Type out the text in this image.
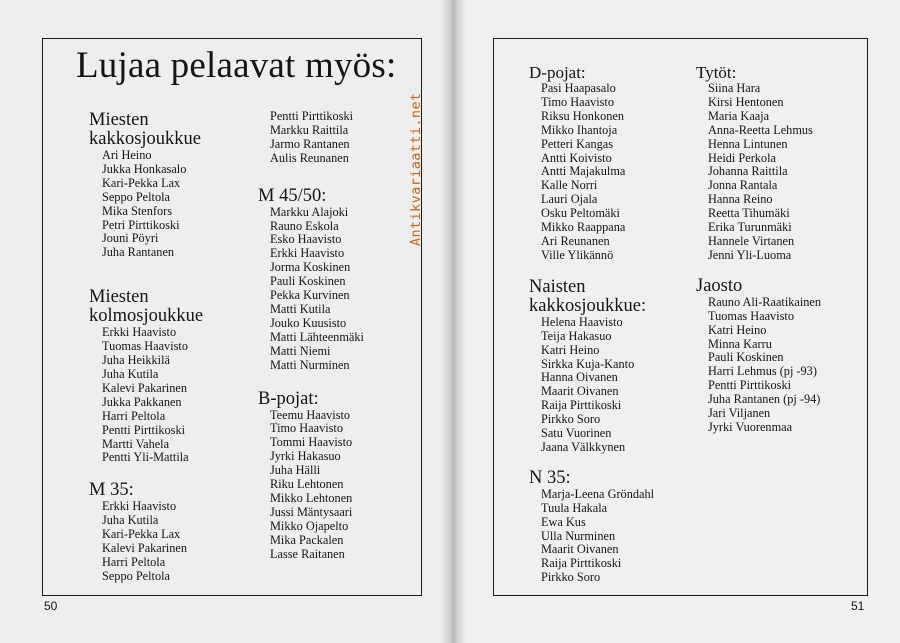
Lujaa pelaavat myös:
Miesten
kakkosjoukkue
Ari Heino
Jukka Honkasalo
Kari-Pekka Lax
Seppo Peltola
Mika Stenfors
Petri Pirttikoski
Jouni Pöyri
Juha Rantanen
Miesten
kolmosjoukkue
Erkki Haavisto
Tuomas Haavisto
Juha Heikkilä
Juha Kutila
Kalevi Pakarinen
Jukka Pakkanen
Harri Peltola
Pentti Pirttikoski
Martti Vahela
Pentti Yli-Mattila
M 35:
Erkki Haavisto
Juha Kutila
Kari-Pekka Lax
Kalevi Pakarinen
Harri Peltola
Seppo Peltola
Pentti Pirttikoski
Markku Raittila
Jarmo Rantanen
Aulis Reunanen
M 45/50:
Markku Alajoki
Rauno Eskola
Esko Haavisto
Erkki Haavisto
Jorma Koskinen
Pauli Koskinen
Pekka Kurvinen
Matti Kutila
Jouko Kuusisto
Matti Lähteenmäki
Matti Niemi
Matti Nurminen
B-pojat:
Teemu Haavisto
Timo Haavisto
Tommi Haavisto
Jyrki Hakasuo
Juha Hälli
Riku Lehtonen
Mikko Lehtonen
Jussi Mäntysaari
Mikko Ojapelto
Mika Packalen
Lasse Raitanen
Antikvariaatti.net
D-pojat:
Pasi Haapasalo
Timo Haavisto
Riksu Honkonen
Mikko Ihantoja
Petteri Kangas
Antti Koivisto
Antti Majakulma
Kalle Norri
Lauri Ojala
Osku Peltomäki
Mikko Raappana
Ari Reunanen
Ville Ylikännö
Naisten
kakkosjoukkue:
Helena Haavisto
Teija Hakasuo
Katri Heino
Sirkka Kuja-Kanto
Hanna Oivanen
Maarit Oivanen
Raija Pirttikoski
Pirkko Soro
Satu Vuorinen
Jaana Välkkynen
N 35:
Marja-Leena Gröndahl
Tuula Hakala
Ewa Kus
Ulla Nurminen
Maarit Oivanen
Raija Pirttikoski
Pirkko Soro
Tytöt:
Siina Hara
Kirsi Hentonen
Maria Kaaja
Anna-Reetta Lehmus
Henna Lintunen
Heidi Perkola
Johanna Raittila
Jonna Rantala
Hanna Reino
Reetta Tihumäki
Erika Turunmäki
Hannele Virtanen
Jenni Yli-Luoma
Jaosto
Rauno Ali-Raatikainen
Tuomas Haavisto
Katri Heino
Minna Karru
Pauli Koskinen
Harri Lehmus (pj -93)
Pentti Pirttikoski
Juha Rantanen (pj -94)
Jari Viljanen
Jyrki Vuorenmaa
50	51
